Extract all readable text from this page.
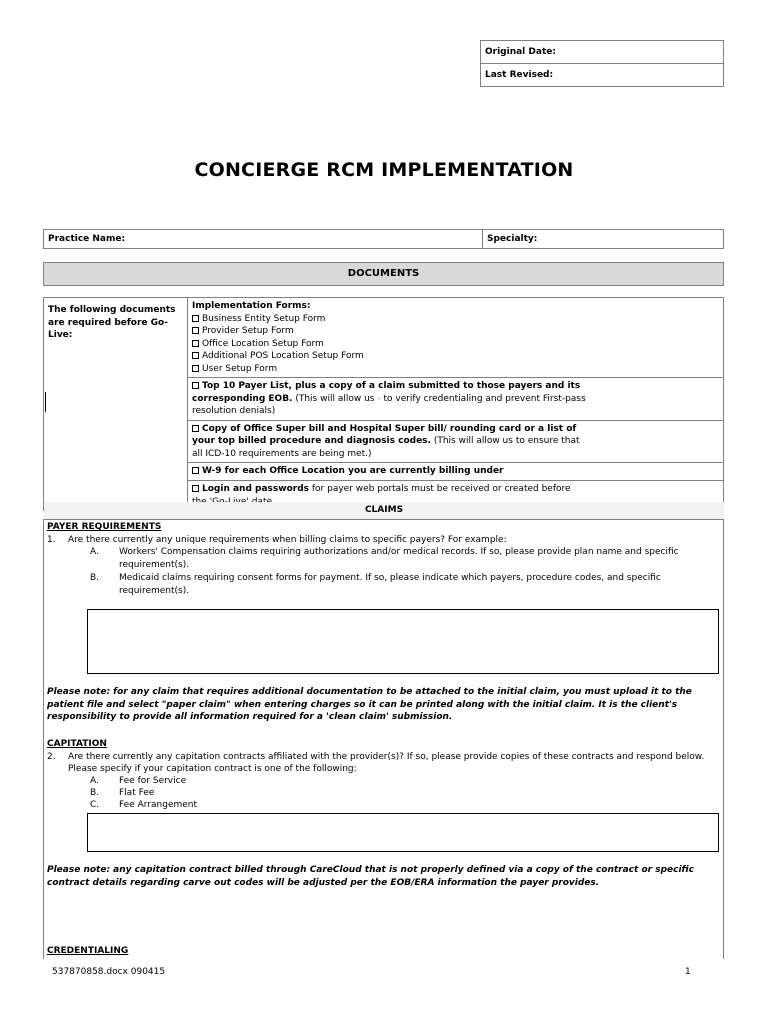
Original Date:
Last Revised:
CONCIERGE RCM IMPLEMENTATION
Practice Name:	Specialty:
DOCUMENTS
The following documents are required before Go-Live:	
Implementation Forms:
Business Entity Setup Form
Provider Setup Form
Office Location Setup Form
Additional POS Location Setup Form
User Setup Form

Top 10 Payer List, plus a copy of a claim submitted to those payers and its corresponding EOB. (This will allow us - to verify credentialing and prevent First-pass resolution denials)

Copy of Office Super bill and Hospital Super bill/ rounding card or a list of your top billed procedure and diagnosis codes. (This will allow us to ensure that all ICD-10 requirements are being met.)

W-9 for each Office Location you are currently billing under

Login and passwords for payer web portals must be received or created before
CLAIMS
PAYER REQUIREMENTS
1. Are there currently any unique requirements when billing claims to specific payers? For example:
A. Workers' Compensation claims requiring authorizations and/or medical records. If so, please provide plan name and specific requirement(s).
B. Medicaid claims requiring consent forms for payment. If so, please indicate which payers, procedure codes, and specific requirement(s).
Please note: for any claim that requires additional documentation to be attached to the initial claim, you must upload it to the patient file and select "paper claim" when entering charges so it can be printed along with the initial claim. It is the client's responsibility to provide all information required for a 'clean claim' submission.
CAPITATION
2. Are there currently any capitation contracts affiliated with the provider(s)? If so, please provide copies of these contracts and respond below.
Please specify if your capitation contract is one of the following:
A. Fee for Service
B. Flat Fee
C. Fee Arrangement
Please note: any capitation contract billed through CareCloud that is not properly defined via a copy of the contract or specific contract details regarding carve out codes will be adjusted per the EOB/ERA information the payer provides.
CREDENTIALING
537870858.docx 090415	1
